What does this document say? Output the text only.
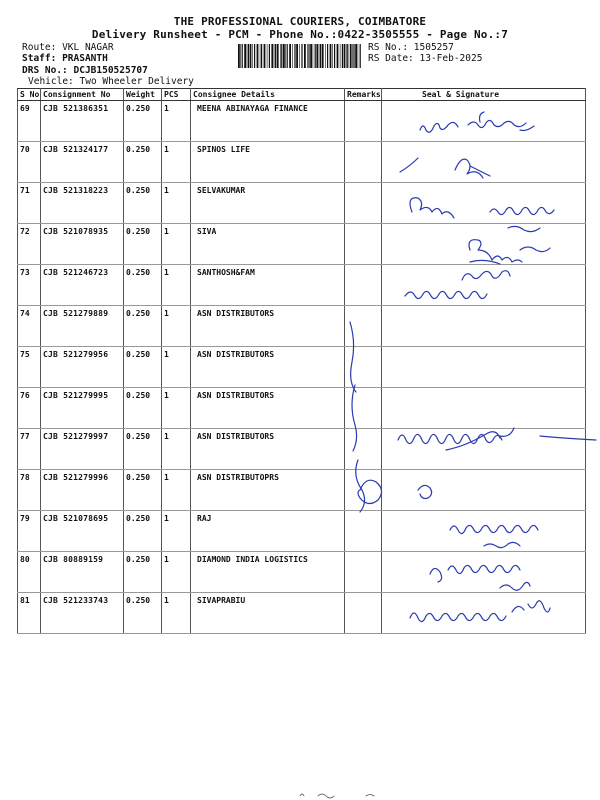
THE PROFESSIONAL COURIERS, COIMBATORE
Delivery Runsheet - PCM - Phone No.:0422-3505555 - Page No.:7
Route: VKL NAGAR
Staff: PRASANTH
DRS No.: DCJB150525707
Vehicle: Two Wheeler Delivery
RS No.: 1505257
RS Date: 13-Feb-2025
S No	Consignment No	Weight	PCS	Consignee Details	Remarks	Seal & Signature
69	CJB 521386351	0.250	1	MEENA ABINAYAGA FINANCE		
70	CJB 521324177	0.250	1	SPINOS LIFE		
71	CJB 521318223	0.250	1	SELVAKUMAR		
72	CJB 521078935	0.250	1	SIVA		
73	CJB 521246723	0.250	1	SANTHOSH&FAM		
74	CJB 521279889	0.250	1	ASN DISTRIBUTORS		
75	CJB 521279956	0.250	1	ASN DISTRIBUTORS		
76	CJB 521279995	0.250	1	ASN DISTRIBUTORS		
77	CJB 521279997	0.250	1	ASN DISTRIBUTORS		
78	CJB 521279996	0.250	1	ASN DISTRIBUTOPRS		
79	CJB 521078695	0.250	1	RAJ		
80	CJB 80889159	0.250	1	DIAMOND INDIA LOGISTICS		
81	CJB 521233743	0.250	1	SIVAPRABIU		
